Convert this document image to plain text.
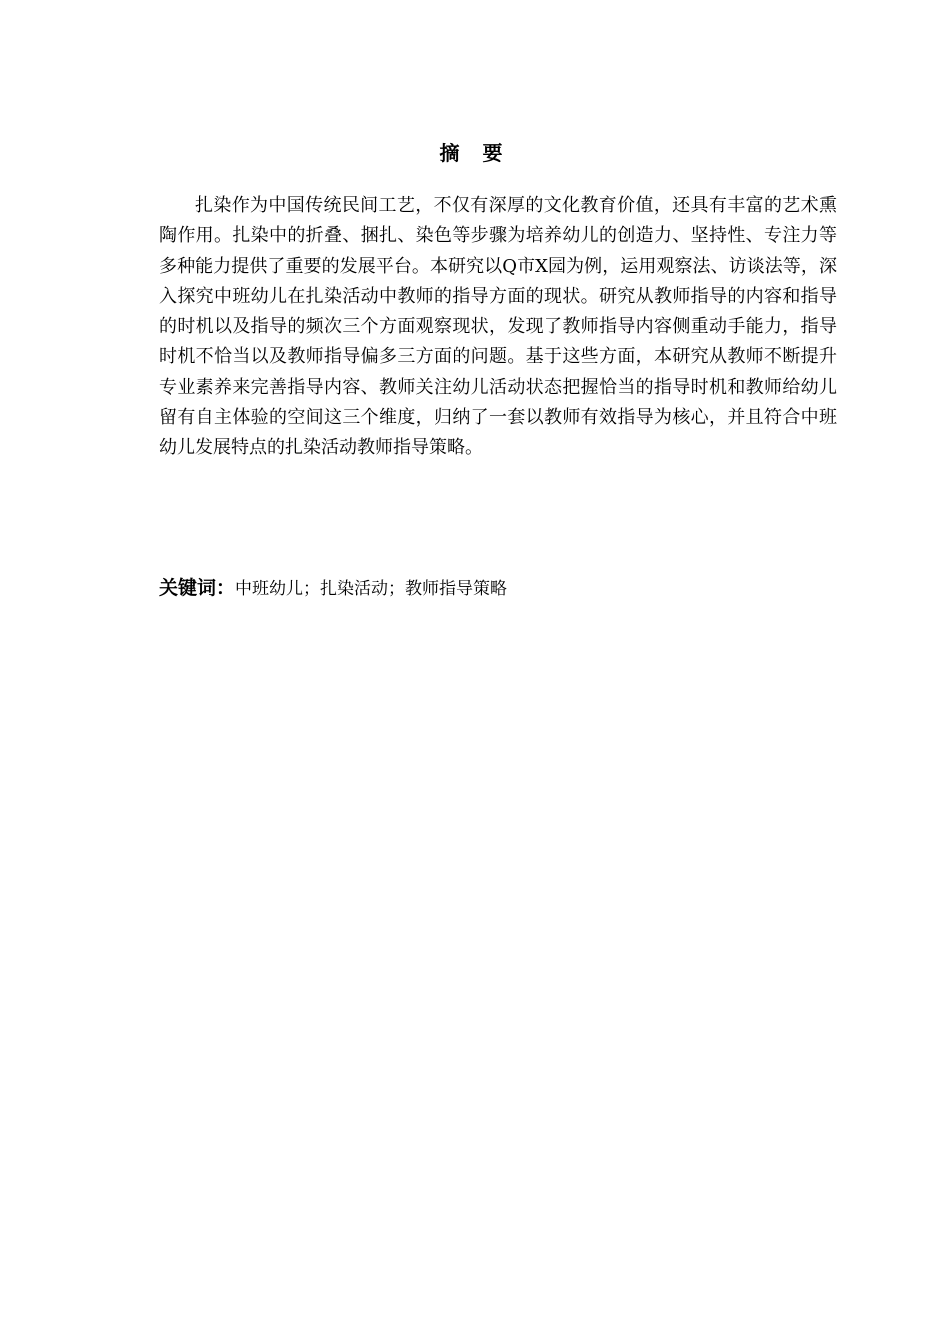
摘 要

扎染作为中国传统民间工艺，不仅有深厚的文化教育价值，还具有丰富的艺术熏陶作用。扎染中的折叠、捆扎、染色等步骤为培养幼儿的创造力、坚持性、专注力等多种能力提供了重要的发展平台。本研究以Q市X园为例，运用观察法、访谈法等，深入探究中班幼儿在扎染活动中教师的指导方面的现状。研究从教师指导的内容和指导的时机以及指导的频次三个方面观察现状，发现了教师指导内容侧重动手能力，指导时机不恰当以及教师指导偏多三方面的问题。基于这些方面，本研究从教师不断提升专业素养来完善指导内容、教师关注幼儿活动状态把握恰当的指导时机和教师给幼儿留有自主体验的空间这三个维度，归纳了一套以教师有效指导为核心，并且符合中班幼儿发展特点的扎染活动教师指导策略。

关键词：中班幼儿；扎染活动；教师指导策略
